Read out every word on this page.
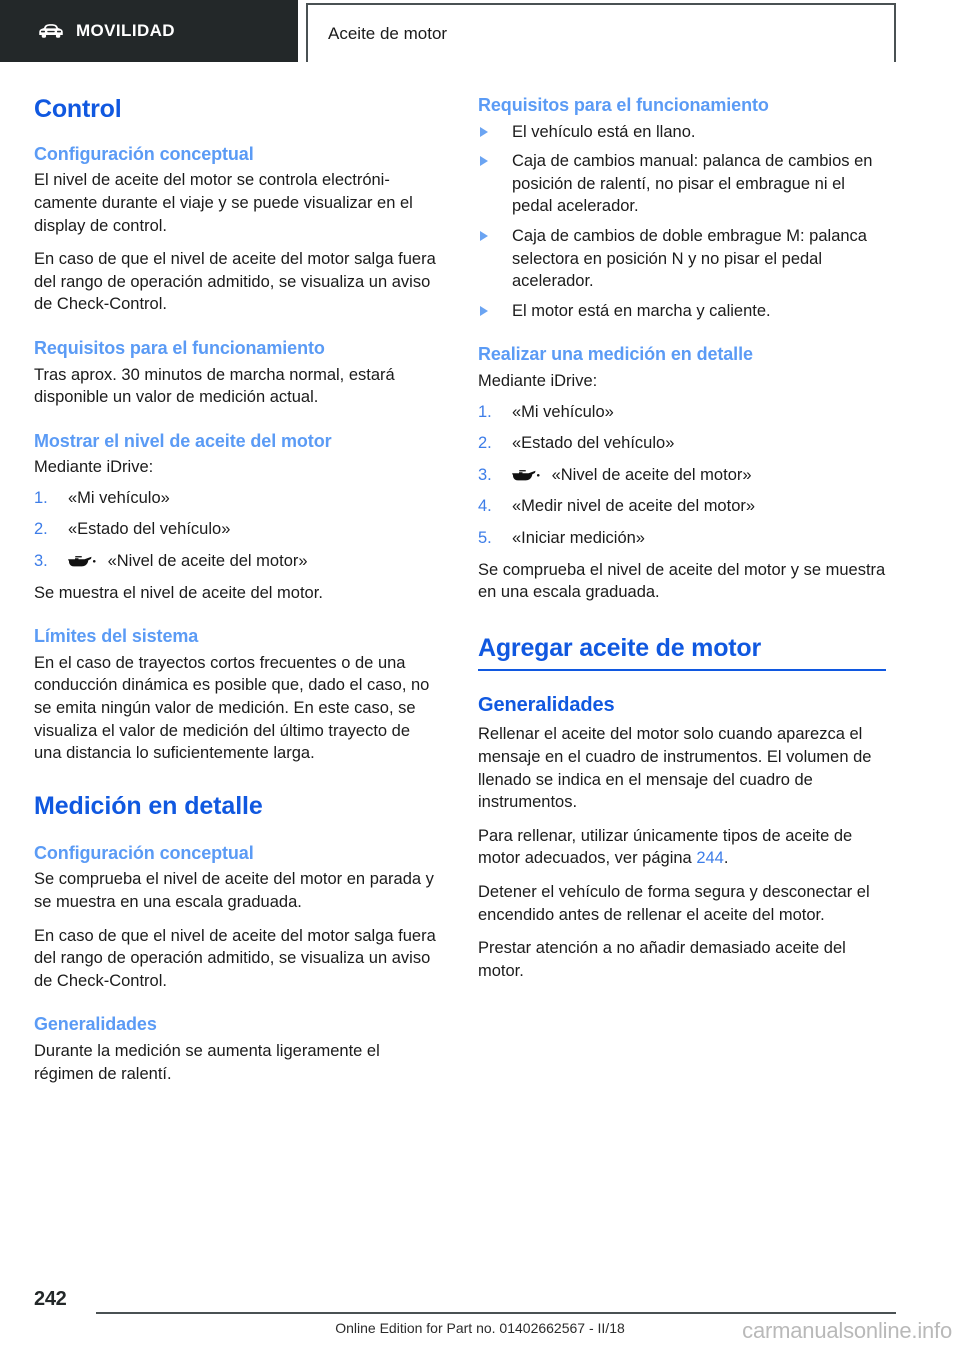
MOVILIDAD	Aceite de motor
Control
Configuración conceptual

El nivel de aceite del motor se controla electrónicamente durante el viaje y se puede visualizar en el display de control.

En caso de que el nivel de aceite del motor salga fuera del rango de operación admitido, se visualiza un aviso de Check-Control.

Requisitos para el funcionamiento

Tras aprox. 30 minutos de marcha normal, estará disponible un valor de medición actual.

Mostrar el nivel de aceite del motor

Mediante iDrive:

1. «Mi vehículo»
2. «Estado del vehículo»
3.	«Nivel de aceite del motor»

Se muestra el nivel de aceite del motor.

Límites del sistema

En el caso de trayectos cortos frecuentes o de una conducción dinámica es posible que, dado el caso, no se emita ningún valor de medición. En este caso, se visualiza el valor de medición del último trayecto de una distancia lo suficientemente larga.

Medición en detalle
Configuración conceptual

Se comprueba el nivel de aceite del motor en parada y se muestra en una escala graduada.

En caso de que el nivel de aceite del motor salga fuera del rango de operación admitido, se visualiza un aviso de Check-Control.

Generalidades

Durante la medición se aumenta ligeramente el régimen de ralentí.

Requisitos para el funcionamiento
El vehículo está en llano.
Caja de cambios manual: palanca de cambios en posición de ralentí, no pisar el embrague ni el pedal acelerador.
Caja de cambios de doble embrague M: palanca selectora en posición N y no pisar el pedal acelerador.
El motor está en marcha y caliente.
Realizar una medición en detalle

Mediante iDrive:

1. «Mi vehículo»
2. «Estado del vehículo»
3.	«Nivel de aceite del motor»
4. «Medir nivel de aceite del motor»
5. «Iniciar medición»

Se comprueba el nivel de aceite del motor y se muestra en una escala graduada.

Agregar aceite de motor
Generalidades

Rellenar el aceite del motor solo cuando aparezca el mensaje en el cuadro de instrumentos. El volumen de llenado se indica en el mensaje del cuadro de instrumentos.

Para rellenar, utilizar únicamente tipos de aceite de motor adecuados, ver página 244.

Detener el vehículo de forma segura y desconectar el encendido antes de rellenar el aceite del motor.

Prestar atención a no añadir demasiado aceite del motor.

242
Online Edition for Part no. 01402662567 - II/18	carmanualsonline.info
